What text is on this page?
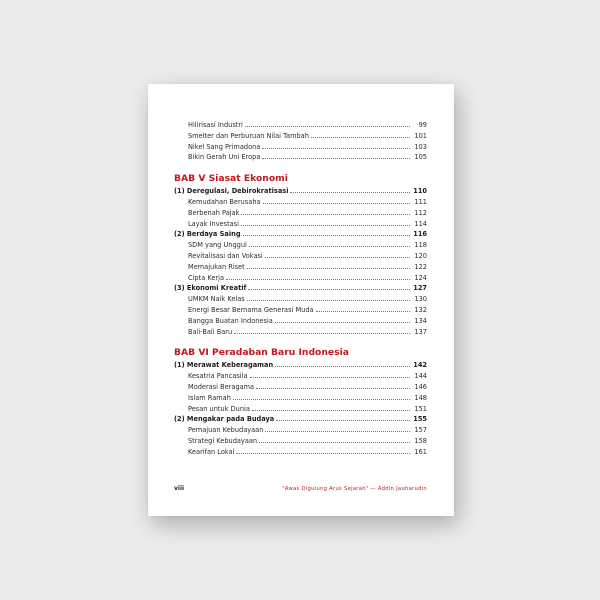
Hilirisasi Industri	99
Smelter dan Perburuan Nilai Tambah	101
Nikel Sang Primadona	103
Bikin Gerah Uni Eropa	105
BAB V Siasat Ekonomi
(1) Deregulasi, Debirokratisasi	110
Kemudahan Berusaha	111
Berbenah Pajak	112
Layak Investasi	114
(2) Berdaya Saing	116
SDM yang Unggul	118
Revitalisasi dan Vokasi	120
Memajukan Riset	122
Cipta Kerja	124
(3) Ekonomi Kreatif	127
UMKM Naik Kelas	130
Energi Besar Bernama Generasi Muda	132
Bangga Buatan Indonesia	134
Bali-Bali Baru	137
BAB VI Peradaban Baru Indonesia
(1) Merawat Keberagaman	142
Kesatria Pancasila	144
Moderasi Beragama	146
Islam Ramah	148
Pesan untuk Dunia	151
(2) Mengakar pada Budaya	155
Pemajuan Kebudayaan	157
Strategi Kebudayaan	158
Kearifan Lokal	161
viii	"Awas Digulung Arus Sejarah" — Addin Jauharudin
